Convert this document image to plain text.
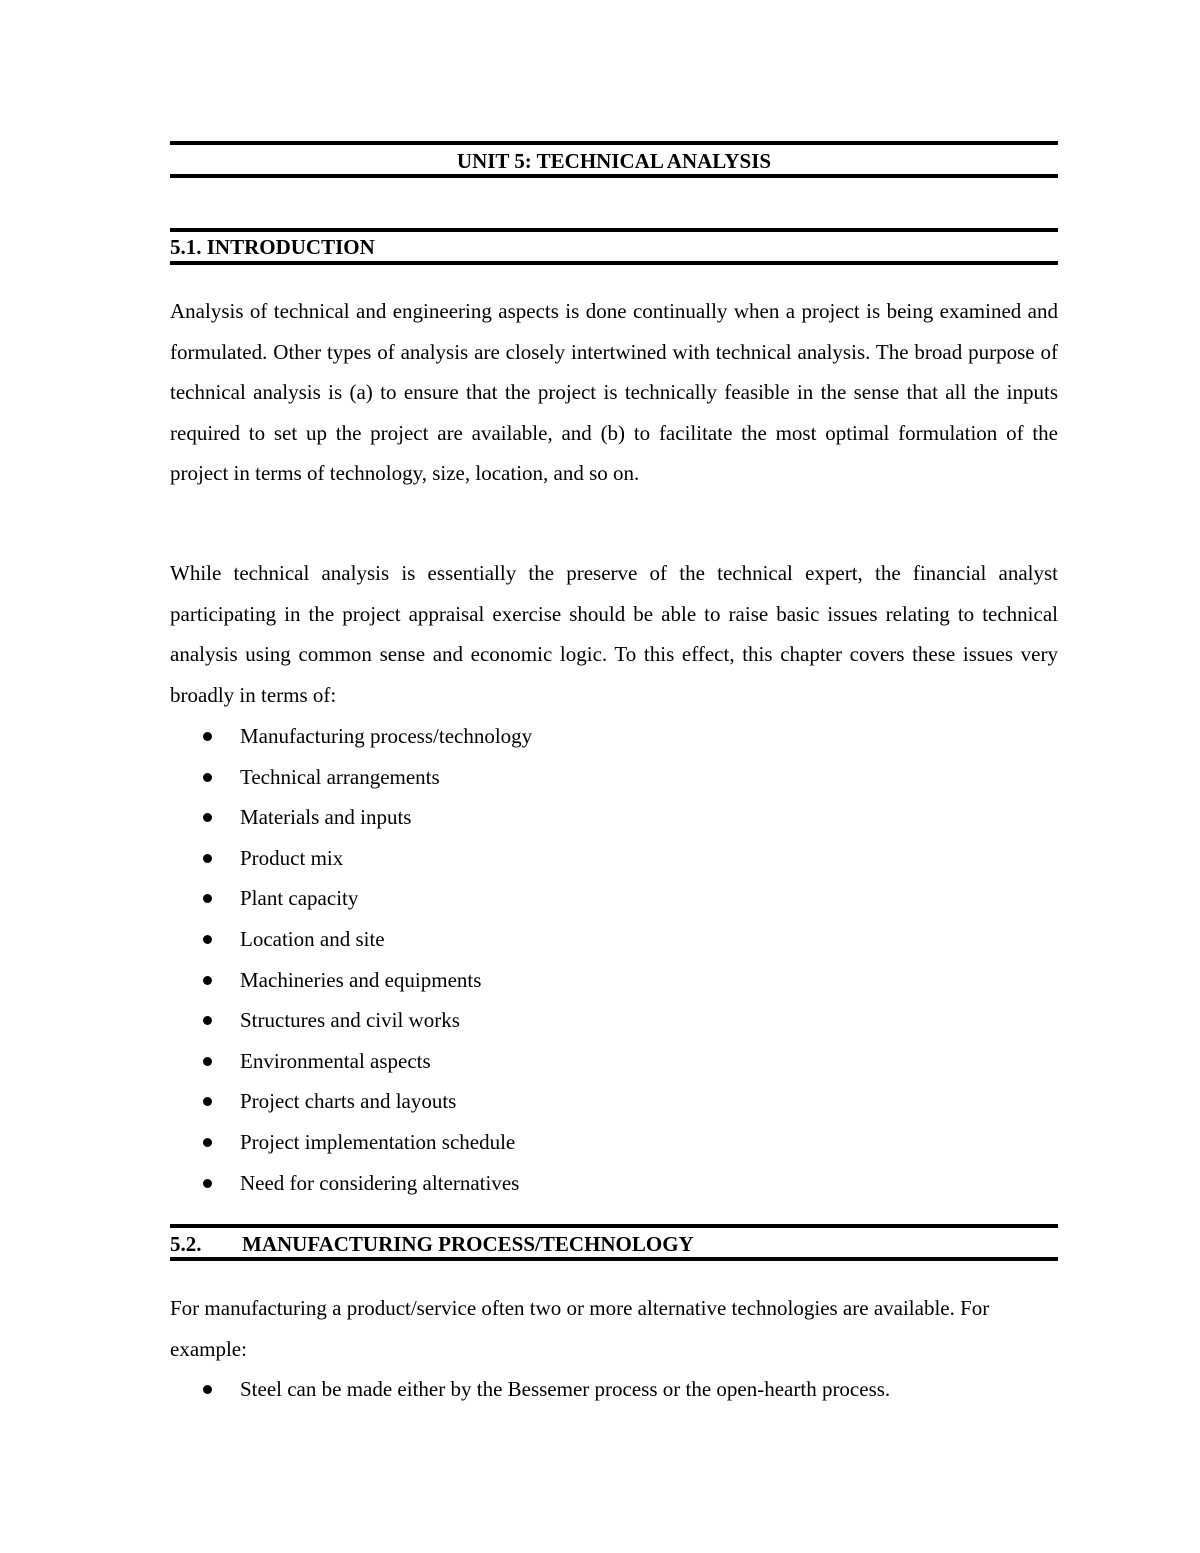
UNIT 5: TECHNICAL ANALYSIS
5.1. INTRODUCTION
Analysis of technical and engineering aspects is done continually when a project is being examined and formulated. Other types of analysis are closely intertwined with technical analysis. The broad purpose of technical analysis is (a) to ensure that the project is technically feasible in the sense that all the inputs required to set up the project are available, and (b) to facilitate the most optimal formulation of the project in terms of technology, size, location, and so on.
While technical analysis is essentially the preserve of the technical expert, the financial analyst participating in the project appraisal exercise should be able to raise basic issues relating to technical analysis using common sense and economic logic. To this effect, this chapter covers these issues very broadly in terms of:
Manufacturing process/technology
Technical arrangements
Materials and inputs
Product mix
Plant capacity
Location and site
Machineries and equipments
Structures and civil works
Environmental aspects
Project charts and layouts
Project implementation schedule
Need for considering alternatives
5.2. MANUFACTURING PROCESS/TECHNOLOGY
For manufacturing a product/service often two or more alternative technologies are available. For example:
Steel can be made either by the Bessemer process or the open-hearth process.
